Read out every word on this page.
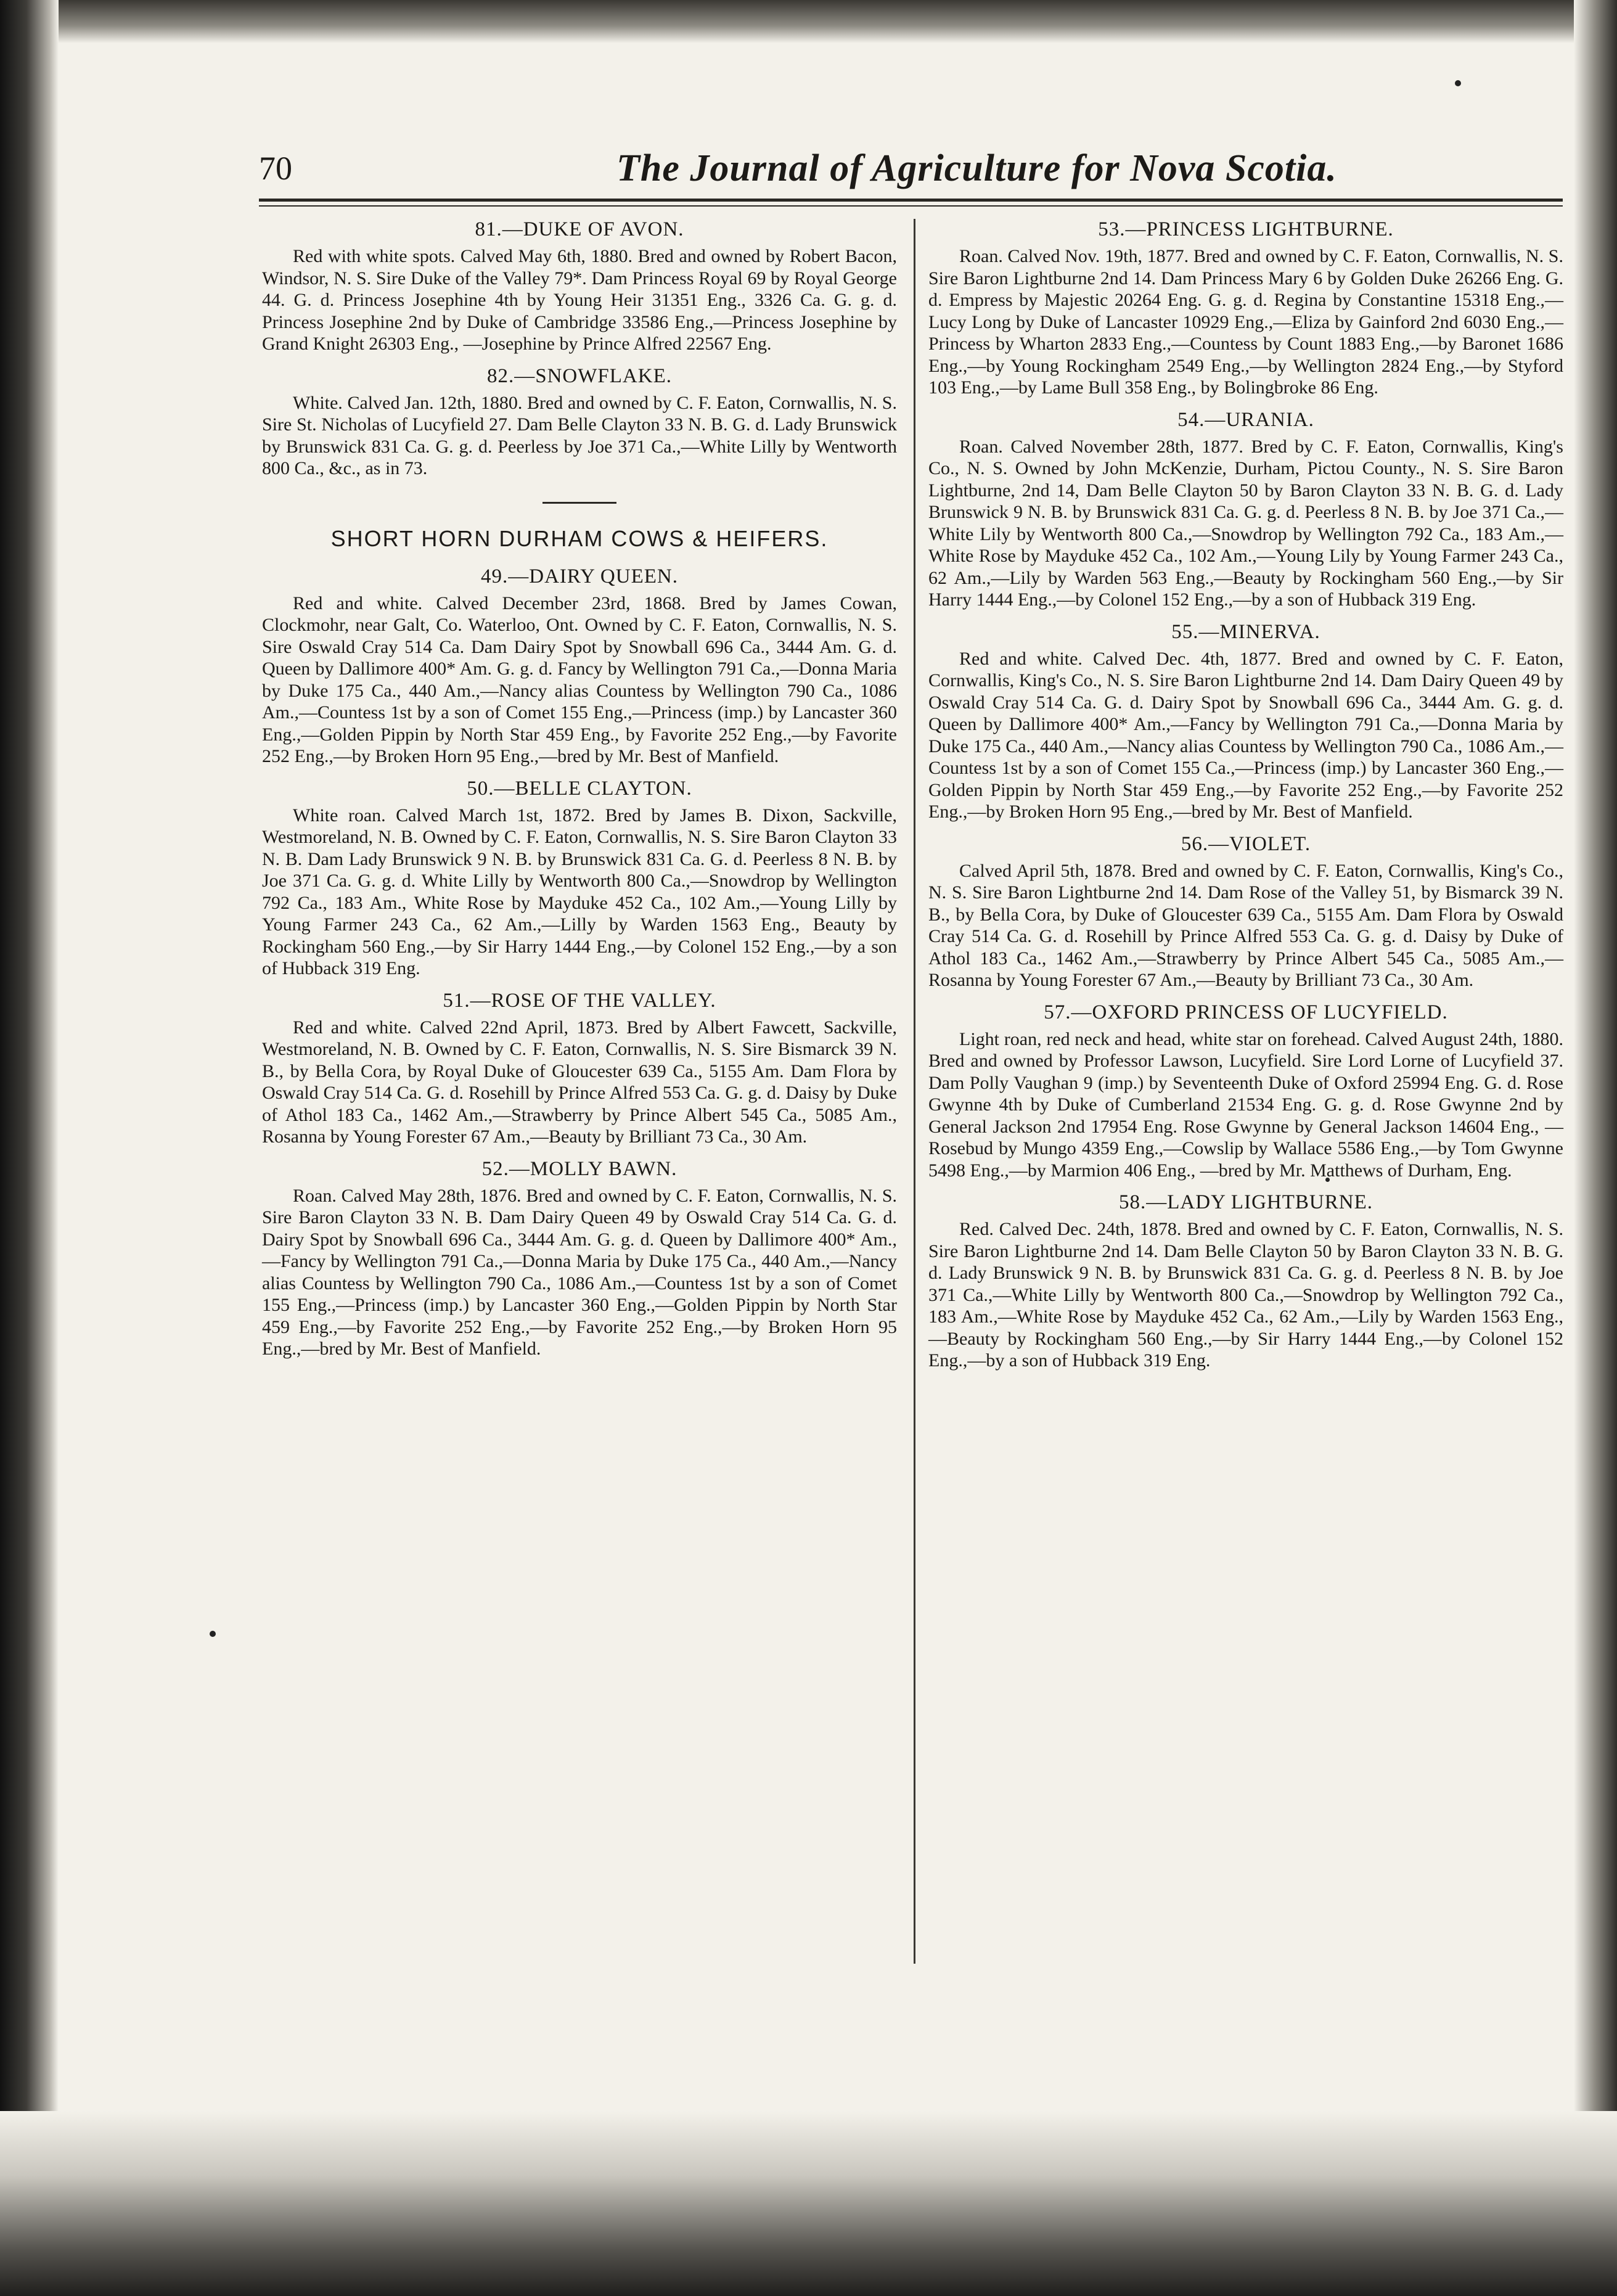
70	The Journal of Agriculture for Nova Scotia.
81.—DUKE OF AVON.

Red with white spots. Calved May 6th, 1880. Bred and owned by Robert Bacon, Windsor, N. S. Sire Duke of the Valley 79*. Dam Princess Royal 69 by Royal George 44. G. d. Princess Josephine 4th by Young Heir 31351 Eng., 3326 Ca. G. g. d. Princess Josephine 2nd by Duke of Cambridge 33586 Eng.,—Princess Josephine by Grand Knight 26303 Eng., —Josephine by Prince Alfred 22567 Eng.

82.—SNOWFLAKE.

White. Calved Jan. 12th, 1880. Bred and owned by C. F. Eaton, Cornwallis, N. S. Sire St. Nicholas of Lucyfield 27. Dam Belle Clayton 33 N. B. G. d. Lady Brunswick by Brunswick 831 Ca. G. g. d. Peerless by Joe 371 Ca.,—White Lilly by Wentworth 800 Ca., &c., as in 73.

SHORT HORN DURHAM COWS & HEIFERS.
49.—DAIRY QUEEN.

Red and white. Calved December 23rd, 1868. Bred by James Cowan, Clockmohr, near Galt, Co. Waterloo, Ont. Owned by C. F. Eaton, Cornwallis, N. S. Sire Oswald Cray 514 Ca. Dam Dairy Spot by Snowball 696 Ca., 3444 Am. G. d. Queen by Dallimore 400* Am. G. g. d. Fancy by Wellington 791 Ca.,—Donna Maria by Duke 175 Ca., 440 Am.,—Nancy alias Countess by Wellington 790 Ca., 1086 Am.,—Countess 1st by a son of Comet 155 Eng.,—Princess (imp.) by Lancaster 360 Eng.,—Golden Pippin by North Star 459 Eng., by Favorite 252 Eng.,—by Favorite 252 Eng.,—by Broken Horn 95 Eng.,—bred by Mr. Best of Manfield.

50.—BELLE CLAYTON.

White roan. Calved March 1st, 1872. Bred by James B. Dixon, Sackville, Westmoreland, N. B. Owned by C. F. Eaton, Cornwallis, N. S. Sire Baron Clayton 33 N. B. Dam Lady Brunswick 9 N. B. by Brunswick 831 Ca. G. d. Peerless 8 N. B. by Joe 371 Ca. G. g. d. White Lilly by Wentworth 800 Ca.,—Snowdrop by Wellington 792 Ca., 183 Am., White Rose by Mayduke 452 Ca., 102 Am.,—Young Lilly by Young Farmer 243 Ca., 62 Am.,—Lilly by Warden 1563 Eng., Beauty by Rockingham 560 Eng.,—by Sir Harry 1444 Eng.,—by Colonel 152 Eng.,—by a son of Hubback 319 Eng.

51.—ROSE OF THE VALLEY.

Red and white. Calved 22nd April, 1873. Bred by Albert Fawcett, Sackville, Westmoreland, N. B. Owned by C. F. Eaton, Cornwallis, N. S. Sire Bismarck 39 N. B., by Bella Cora, by Royal Duke of Gloucester 639 Ca., 5155 Am. Dam Flora by Oswald Cray 514 Ca. G. d. Rosehill by Prince Alfred 553 Ca. G. g. d. Daisy by Duke of Athol 183 Ca., 1462 Am.,—Strawberry by Prince Albert 545 Ca., 5085 Am., Rosanna by Young Forester 67 Am.,—Beauty by Brilliant 73 Ca., 30 Am.

52.—MOLLY BAWN.

Roan. Calved May 28th, 1876. Bred and owned by C. F. Eaton, Cornwallis, N. S. Sire Baron Clayton 33 N. B. Dam Dairy Queen 49 by Oswald Cray 514 Ca. G. d. Dairy Spot by Snowball 696 Ca., 3444 Am. G. g. d. Queen by Dallimore 400* Am.,—Fancy by Wellington 791 Ca.,—Donna Maria by Duke 175 Ca., 440 Am.,—Nancy alias Countess by Wellington 790 Ca., 1086 Am.,—Countess 1st by a son of Comet 155 Eng.,—Princess (imp.) by Lancaster 360 Eng.,—Golden Pippin by North Star 459 Eng.,—by Favorite 252 Eng.,—by Favorite 252 Eng.,—by Broken Horn 95 Eng.,—bred by Mr. Best of Manfield.

53.—PRINCESS LIGHTBURNE.

Roan. Calved Nov. 19th, 1877. Bred and owned by C. F. Eaton, Cornwallis, N. S. Sire Baron Lightburne 2nd 14. Dam Princess Mary 6 by Golden Duke 26266 Eng. G. d. Empress by Majestic 20264 Eng. G. g. d. Regina by Constantine 15318 Eng.,—Lucy Long by Duke of Lancaster 10929 Eng.,—Eliza by Gainford 2nd 6030 Eng.,—Princess by Wharton 2833 Eng.,—Countess by Count 1883 Eng.,—by Baronet 1686 Eng.,—by Young Rockingham 2549 Eng.,—by Wellington 2824 Eng.,—by Styford 103 Eng.,—by Lame Bull 358 Eng., by Bolingbroke 86 Eng.

54.—URANIA.

Roan. Calved November 28th, 1877. Bred by C. F. Eaton, Cornwallis, King's Co., N. S. Owned by John McKenzie, Durham, Pictou County., N. S. Sire Baron Lightburne, 2nd 14, Dam Belle Clayton 50 by Baron Clayton 33 N. B. G. d. Lady Brunswick 9 N. B. by Brunswick 831 Ca. G. g. d. Peerless 8 N. B. by Joe 371 Ca.,—White Lily by Wentworth 800 Ca.,—Snowdrop by Wellington 792 Ca., 183 Am.,—White Rose by Mayduke 452 Ca., 102 Am.,—Young Lily by Young Farmer 243 Ca., 62 Am.,—Lily by Warden 563 Eng.,—Beauty by Rockingham 560 Eng.,—by Sir Harry 1444 Eng.,—by Colonel 152 Eng.,—by a son of Hubback 319 Eng.

55.—MINERVA.

Red and white. Calved Dec. 4th, 1877. Bred and owned by C. F. Eaton, Cornwallis, King's Co., N. S. Sire Baron Lightburne 2nd 14. Dam Dairy Queen 49 by Oswald Cray 514 Ca. G. d. Dairy Spot by Snowball 696 Ca., 3444 Am. G. g. d. Queen by Dallimore 400* Am.,—Fancy by Wellington 791 Ca.,—Donna Maria by Duke 175 Ca., 440 Am.,—Nancy alias Countess by Wellington 790 Ca., 1086 Am.,—Countess 1st by a son of Comet 155 Ca.,—Princess (imp.) by Lancaster 360 Eng.,—Golden Pippin by North Star 459 Eng.,—by Favorite 252 Eng.,—by Favorite 252 Eng.,—by Broken Horn 95 Eng.,—bred by Mr. Best of Manfield.

56.—VIOLET.

Calved April 5th, 1878. Bred and owned by C. F. Eaton, Cornwallis, King's Co., N. S. Sire Baron Lightburne 2nd 14. Dam Rose of the Valley 51, by Bismarck 39 N. B., by Bella Cora, by Duke of Gloucester 639 Ca., 5155 Am. Dam Flora by Oswald Cray 514 Ca. G. d. Rosehill by Prince Alfred 553 Ca. G. g. d. Daisy by Duke of Athol 183 Ca., 1462 Am.,—Strawberry by Prince Albert 545 Ca., 5085 Am.,—Rosanna by Young Forester 67 Am.,—Beauty by Brilliant 73 Ca., 30 Am.

57.—OXFORD PRINCESS OF LUCYFIELD.

Light roan, red neck and head, white star on forehead. Calved August 24th, 1880. Bred and owned by Professor Lawson, Lucyfield. Sire Lord Lorne of Lucyfield 37. Dam Polly Vaughan 9 (imp.) by Seventeenth Duke of Oxford 25994 Eng. G. d. Rose Gwynne 4th by Duke of Cumberland 21534 Eng. G. g. d. Rose Gwynne 2nd by General Jackson 2nd 17954 Eng. Rose Gwynne by General Jackson 14604 Eng., —Rosebud by Mungo 4359 Eng.,—Cowslip by Wallace 5586 Eng.,—by Tom Gwynne 5498 Eng.,—by Marmion 406 Eng., —bred by Mr. Matthews of Durham, Eng.

58.—LADY LIGHTBURNE.

Red. Calved Dec. 24th, 1878. Bred and owned by C. F. Eaton, Cornwallis, N. S. Sire Baron Lightburne 2nd 14. Dam Belle Clayton 50 by Baron Clayton 33 N. B. G. d. Lady Brunswick 9 N. B. by Brunswick 831 Ca. G. g. d. Peerless 8 N. B. by Joe 371 Ca.,—White Lilly by Wentworth 800 Ca.,—Snowdrop by Wellington 792 Ca., 183 Am.,—White Rose by Mayduke 452 Ca., 62 Am.,—Lily by Warden 1563 Eng.,—Beauty by Rockingham 560 Eng.,—by Sir Harry 1444 Eng.,—by Colonel 152 Eng.,—by a son of Hubback 319 Eng.
